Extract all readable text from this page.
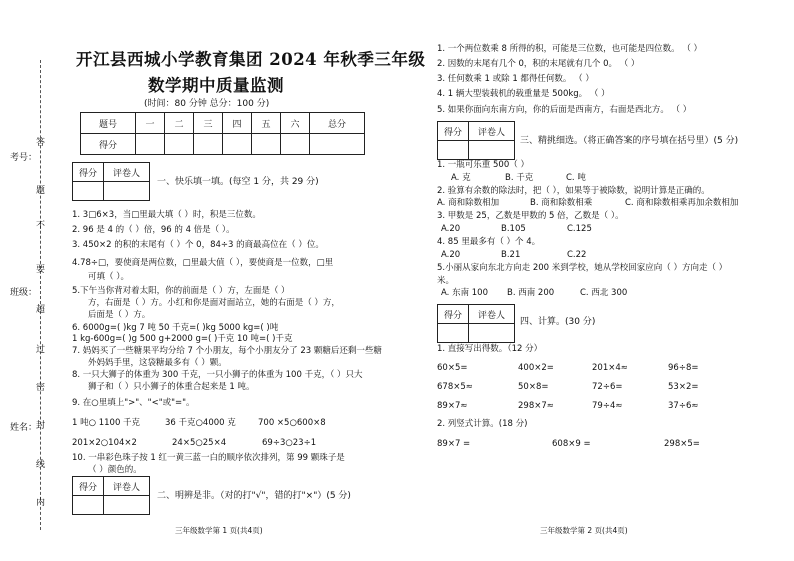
考号：
班级：
姓名：
答
题
不
要
超
过
密
封
线
内
开江县西城小学教育集团 2024 年秋季三年级
数学期中质量监测
(时间：80 分钟 总分：100 分)
题号	一	二	三	四	五	六	总分
得分							
得分	评卷人

一、快乐填一填。(每空 1 分，共 29 分)
1. 3□6×3，当□里最大填（ ）时，积是三位数。
2. 96 是 4 的（ ）倍，96 的 4 倍是（ ）。
3. 450×2 的积的末尾有（ ）个 0，84÷3 的商最高位在（ ）位。
4.78÷□，要使商是两位数，□里最大值（ ），要使商是一位数，□里
可填（ ）。
5.下午当你背对着太阳，你的前面是（ ）方，左面是（ ）
方，右面是（ ）方。小红和你是面对面站立，她的右面是（ ）方，
后面是（ ）方。
6. 6000g=( )kg 7 吨 50 千克=( )kg 5000 kg=( )吨
1 kg-600g=( )g 500 g+2000 g=( )千克 10 吨=( )千克
7. 妈妈买了一些糖果平均分给 7 个小朋友，每个小朋友分了 23 颗糖后还剩一些糖
外妈妈手里，这袋糖最多有（ ）颗。
8. 一只大狮子的体重为 300 千克，一只小狮子的体重为 100 千克，（ ）只大
狮子和（ ）只小狮子的体重合起来是 1 吨。
9. 在○里填上">"、"<"或"="。
1 吨○ 1100 千克	36 千克○4000 克	700 ×5○600×8
201×2○104×2	24×5○25×4	69÷3○23÷1
10. 一串彩色珠子按 1 红一黄三蓝一白的顺序依次排列，第 99 颗珠子是
（ ）颜色的。
得分	评卷人

二、明辨是非。（对的打"√"，错的打"×"）(5 分)
三年级数学第 1 页(共4页)
1. 一个两位数乘 8 所得的积，可能是三位数，也可能是四位数。 （ ）
2. 因数的末尾有几个 0，积的末尾就有几个 0。 （ ）
3. 任何数乘 1 或除 1 都得任何数。 （ ）
4. 1 辆大型装载机的载重量是 500kg。 （ ）
5. 如果你面向东南方向，你的后面是西南方，右面是西北方。 （ ）
得分	评卷人

三、精挑细选。（将正确答案的序号填在括号里）(5 分)
1. 一瓶可乐重 500（ ）
A. 克	B. 千克	C. 吨
2. 验算有余数的除法时，把（ ），如果等于被除数，说明计算是正确的。
A. 商和除数相加	B. 商和除数相乘	C. 商和除数相乘再加余数相加
3. 甲数是 25，乙数是甲数的 5 倍，乙数是（ ）。
A.20	B.105	C.125
4. 85 里最多有（ ）个 4。
A.20	B.21	C.22
5.小丽从家向东北方向走 200 米到学校，她从学校回家应向（ ）方向走（ ）
米。
A. 东南 100 B. 西南 200	C. 西北 300
得分	评卷人

四、计算。(30 分)
1. 直接写出得数。（12 分）
60×5=	400×2=	201×4≈	96÷8=
678×5≈	50×8=	72÷6=	53×2=
89×7≈	298×7≈	79÷4≈	37÷6≈
2. 列竖式计算。(18 分)
89×7 =	608×9 =	298×5=
三年级数学第 2 页(共4页)
